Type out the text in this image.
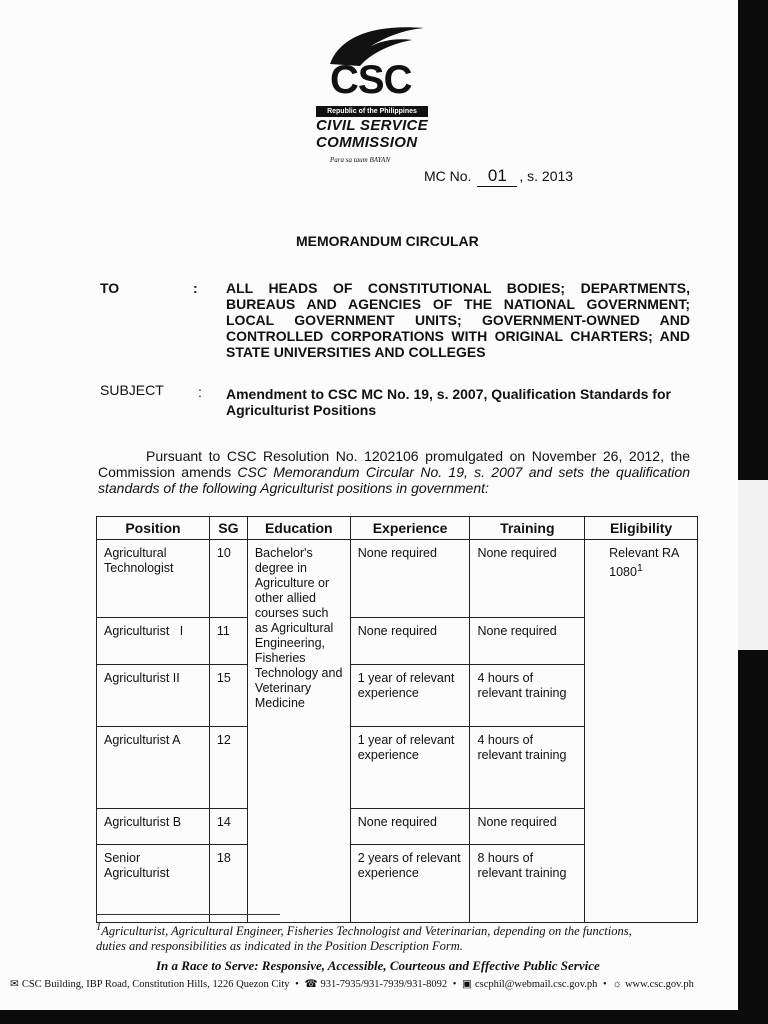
CSC
Republic of the Philippines
CIVIL SERVICE
COMMISSION
Para sa taum BAYAN
MC No. 01 , s. 2013
MEMORANDUM CIRCULAR
TO	: ALL HEADS OF CONSTITUTIONAL BODIES; DEPARTMENTS, BUREAUS AND AGENCIES OF THE NATIONAL GOVERNMENT; LOCAL GOVERNMENT UNITS; GOVERNMENT-OWNED AND CONTROLLED CORPORATIONS WITH ORIGINAL CHARTERS; AND STATE UNIVERSITIES AND COLLEGES
SUBJECT : Amendment to CSC MC No. 19, s. 2007, Qualification Standards for Agriculturist Positions
Pursuant to CSC Resolution No. 1202106 promulgated on November 26, 2012, the Commission amends CSC Memorandum Circular No. 19, s. 2007 and sets the qualification standards of the following Agriculturist positions in government:
Position	SG	Education	Experience	Training	Eligibility
Agricultural Technologist	10	Bachelor's degree in Agriculture or other allied courses such as Agricultural Engineering, Fisheries Technology and Veterinary Medicine	None required	None required	Relevant RA 1080$^1$
Agriculturist   I	11		None required	None required	
Agriculturist II	15		1 year of relevant experience	4 hours of relevant training	
Agriculturist A	12		1 year of relevant experience	4 hours of relevant training	
Agriculturist B	14		None required	None required	
Senior Agriculturist	18		2 years of relevant experience	8 hours of relevant training	
$^1$Agriculturist, Agricultural Engineer, Fisheries Technologist and Veterinarian, depending on the functions, duties and responsibilities as indicated in the Position Description Form.
In a Race to Serve: Responsive, Accessible, Courteous and Effective Public Service
✉ CSC Building, IBP Road, Constitution Hills, 1226 Quezon City • ☎ 931-7935/931-7939/931-8092 • ▣ cscphil@webmail.csc.gov.ph • ☼ www.csc.gov.ph
